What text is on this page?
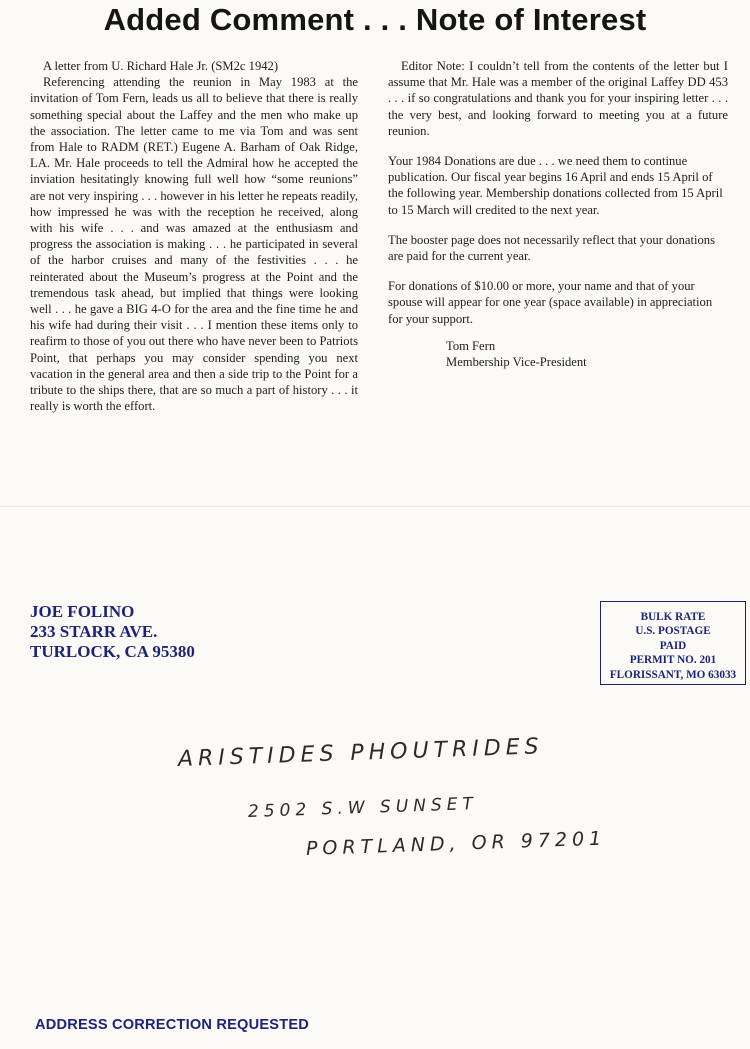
Added Comment . . . Note of Interest

A letter from U. Richard Hale Jr. (SM2c 1942)

Referencing attending the reunion in May 1983 at the invitation of Tom Fern, leads us all to believe that there is really something special about the Laffey and the men who make up the association. The letter came to me via Tom and was sent from Hale to RADM (RET.) Eugene A. Barham of Oak Ridge, LA. Mr. Hale proceeds to tell the Admiral how he accepted the inviation hesitatingly knowing full well how “some reunions” are not very inspiring . . . however in his letter he repeats readily, how impressed he was with the reception he received, along with his wife . . . and was amazed at the enthusiasm and progress the association is making . . . he participated in several of the harbor cruises and many of the festivities . . . he reinterated about the Museum’s progress at the Point and the tremendous task ahead, but implied that things were looking well . . . he gave a BIG 4-O for the area and the fine time he and his wife had during their visit . . . I mention these items only to reafirm to those of you out there who have never been to Patriots Point, that perhaps you may consider spending you next vacation in the general area and then a side trip to the Point for a tribute to the ships there, that are so much a part of history . . . it really is worth the effort.

Editor Note: I couldn’t tell from the contents of the letter but I assume that Mr. Hale was a member of the original Laffey DD 453 . . . if so congratulations and thank you for your inspiring letter . . . the very best, and looking forward to meeting you at a future reunion.

Your 1984 Donations are due . . . we need them to continue publication. Our fiscal year begins 16 April and ends 15 April of the following year. Membership donations collected from 15 April to 15 March will credited to the next year.

The booster page does not necessarily reflect that your donations are paid for the current year.

For donations of $10.00 or more, your name and that of your spouse will appear for one year (space available) in appreciation for your support.

Tom Fern
Membership Vice-President
JOE FOLINO
233 STARR AVE.
TURLOCK, CA 95380
BULK RATE
U.S. POSTAGE
PAID
PERMIT NO. 201
FLORISSANT, MO 63033
ARISTIDES PHOUTRIDES
2502 S.W SUNSET
PORTLAND, OR 97201
ADDRESS CORRECTION REQUESTED
